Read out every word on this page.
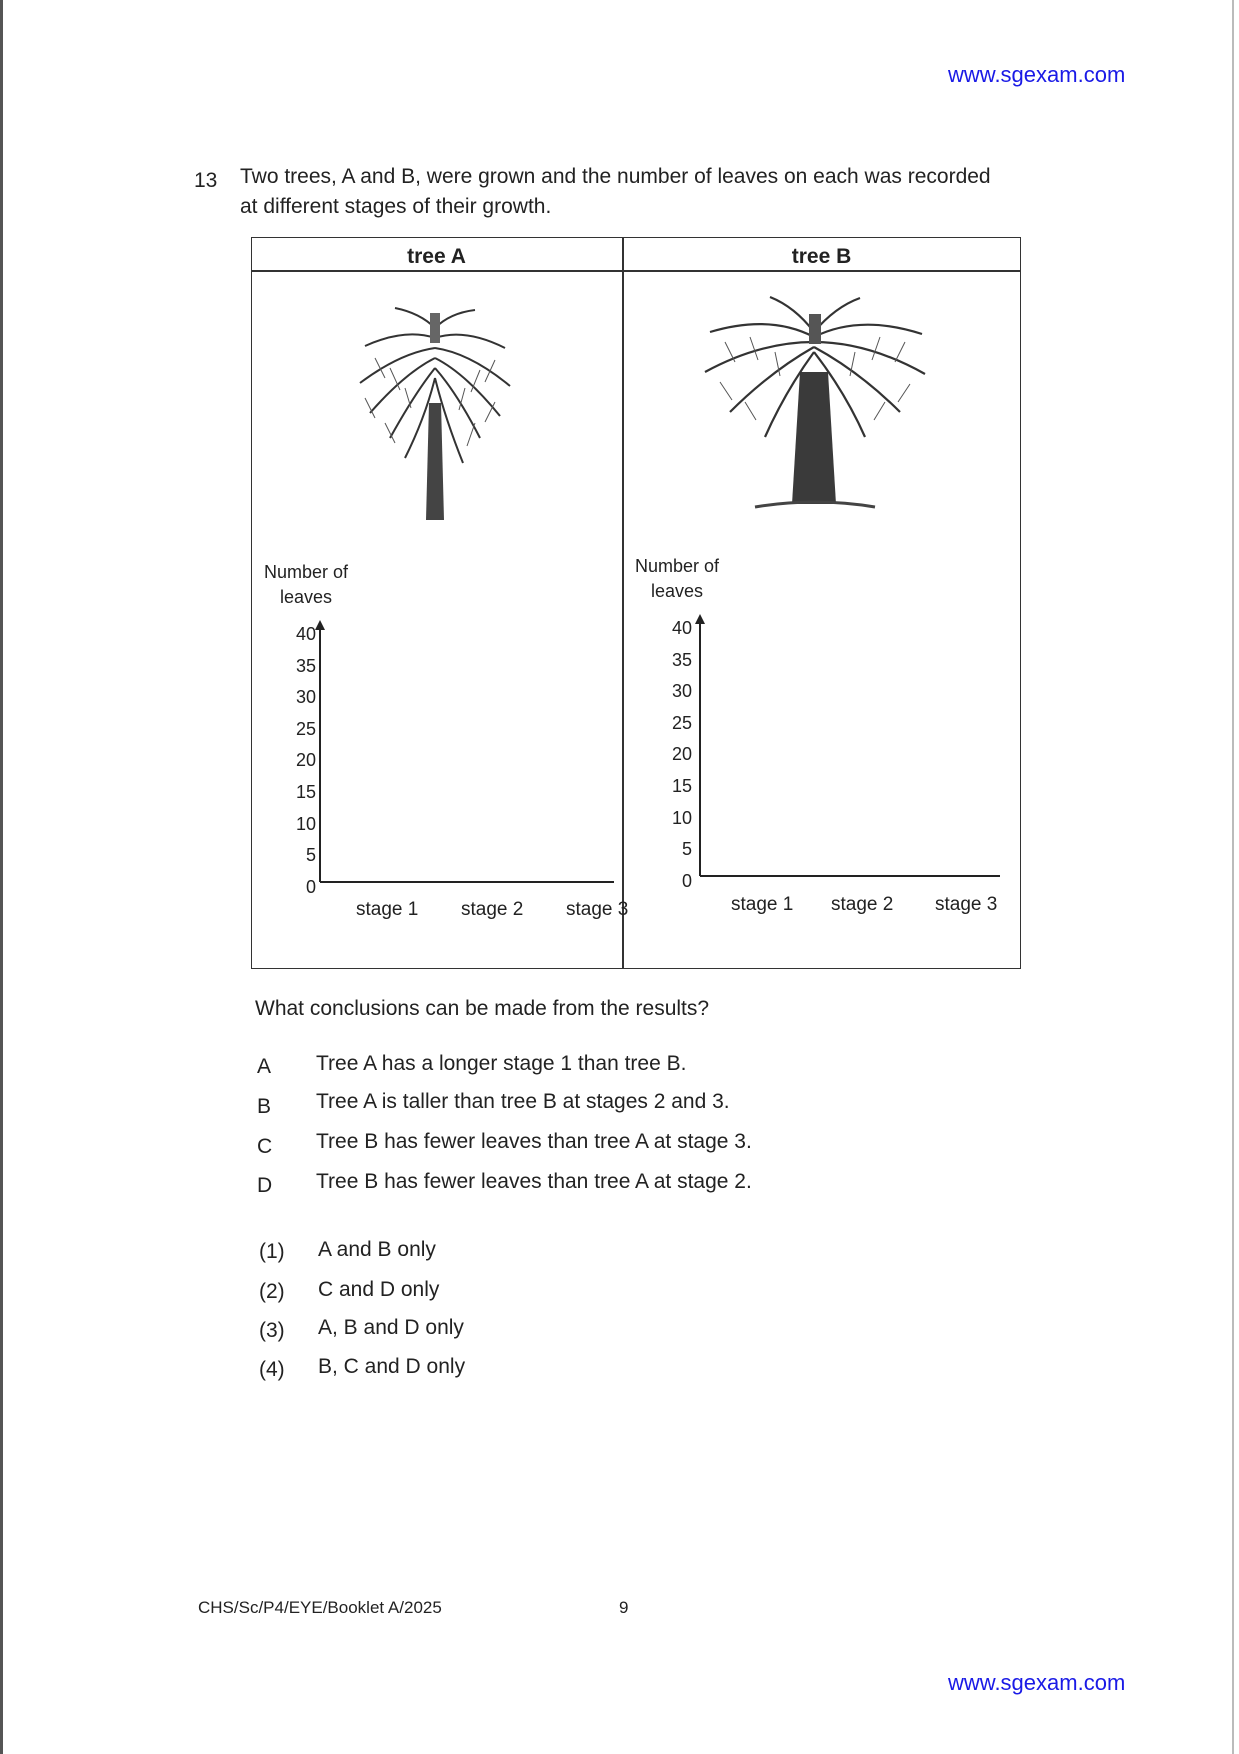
www.sgexam.com
13 Two trees, A and B, were grown and the number of leaves on each was recorded at different stages of their growth.
tree A	tree B
Number of
leaves
40
35
30
25
20
15
10
5
0
stage 1 stage 2 stage 3
Number of
leaves
40
35
30
25
20
15
10
5
0
stage 1 stage 2 stage 3
What conclusions can be made from the results?
A Tree A has a longer stage 1 than tree B.
B Tree A is taller than tree B at stages 2 and 3.
C Tree B has fewer leaves than tree A at stage 3.
D Tree B has fewer leaves than tree A at stage 2.
(1) A and B only
(2) C and D only
(3) A, B and D only
(4) B, C and D only
CHS/Sc/P4/EYE/Booklet A/2025	9
www.sgexam.com
